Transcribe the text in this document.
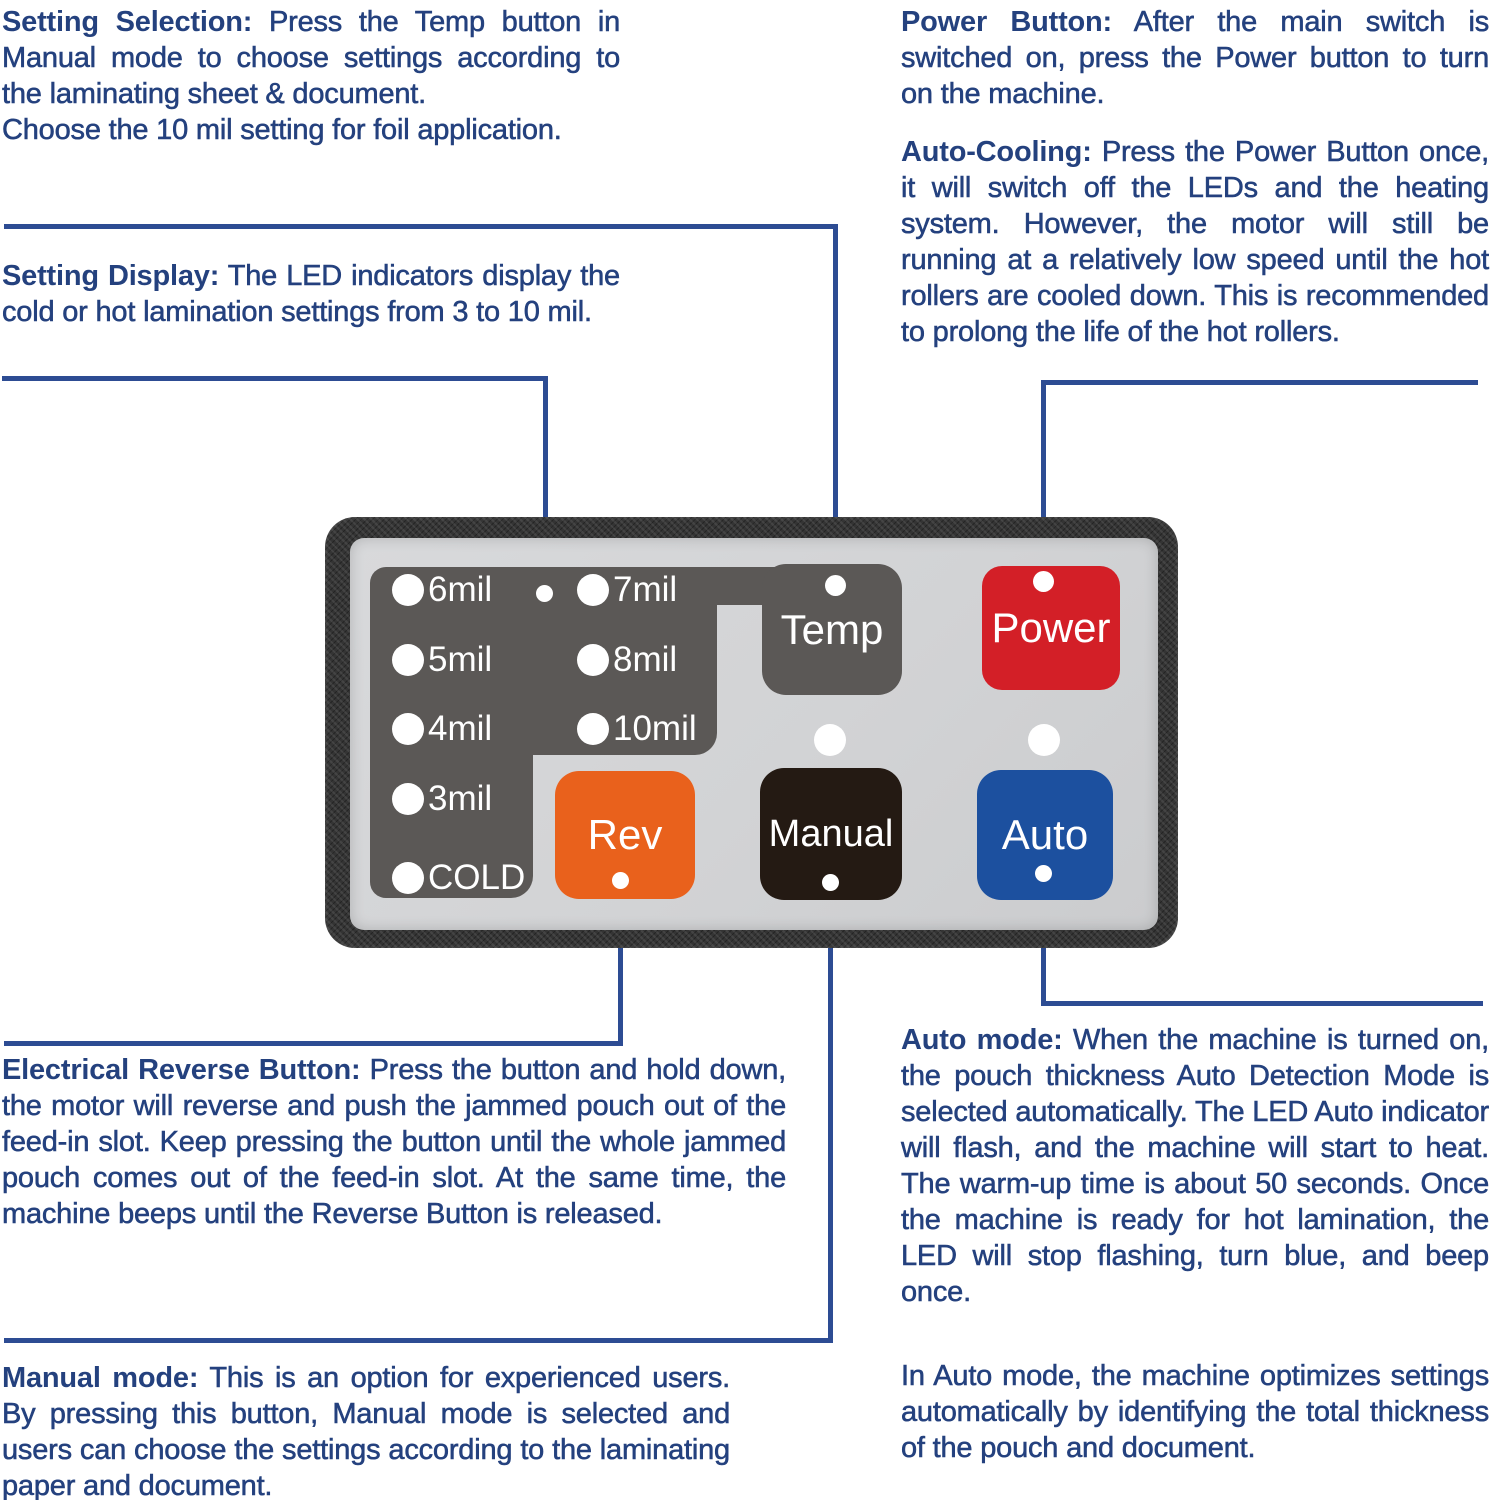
Setting Selection: Press the Temp button in Manual mode to choose settings according to the laminating sheet & document.

Choose the 10 mil setting for foil application.

Setting Display: The LED indicators display the cold or hot lamination settings from 3 to 10 mil.

Power Button: After the main switch is switched on, press the Power button to turn on the machine.

Auto-Cooling: Press the Power Button once, it will switch off the LEDs and the heating system. However, the motor will still be running at a relatively low speed until the hot rollers are cooled down. This is recommended to prolong the life of the hot rollers.

Electrical Reverse Button: Press the button and hold down, the motor will reverse and push the jammed pouch out of the feed-in slot. Keep pressing the button until the whole jammed pouch comes out of the feed-in slot. At the same time, the machine beeps until the Reverse Button is released.

Manual mode: This is an option for experienced users. By pressing this button, Manual mode is selected and users can choose the settings according to the laminating paper and document.

Auto mode: When the machine is turned on, the pouch thickness Auto Detection Mode is selected automatically. The LED Auto indicator will flash, and the machine will start to heat. The warm-up time is about 50 seconds. Once the machine is ready for hot lamination, the LED will stop flashing, turn blue, and beep once.

In Auto mode, the machine optimizes settings automatically by identifying the total thickness of the pouch and document.

6mil
5mil
4mil
3mil
COLD
7mil
8mil
10mil
Temp	Power
Rev	Manual	Auto
